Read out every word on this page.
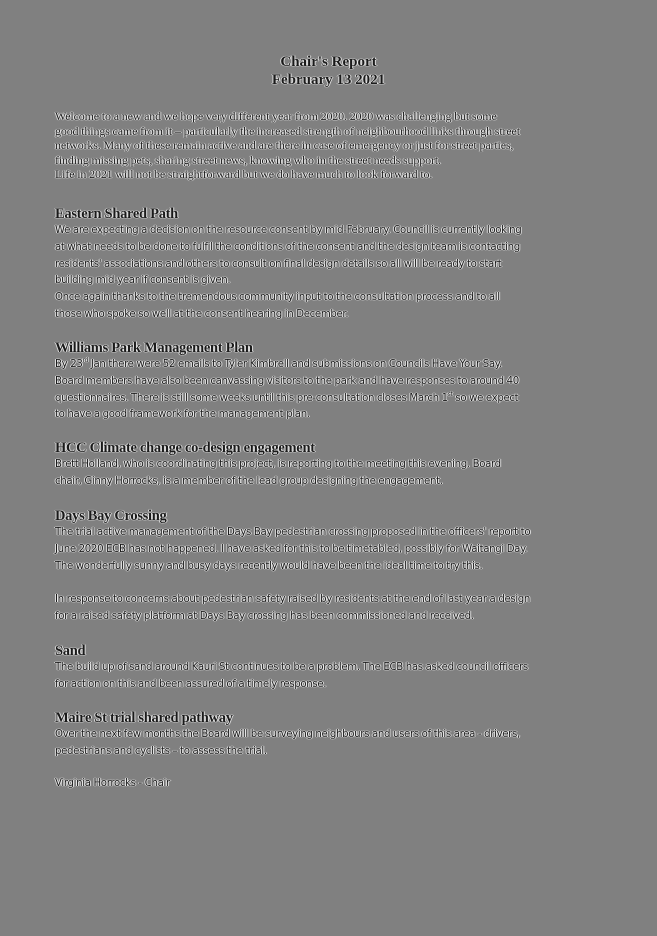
Chair's Report
February 13 2021

Welcome to a new and we hope very different year from 2020. 2020 was challenging but some

good things came from it – particularly the increased strength of neighbourhood links through street

networks. Many of these remain active and are there in case of emergency or just for street parties,

finding missing pets, sharing street news, knowing who in the street needs support.

Life in 2021 will not be straightforward but we do have much to look forward to.

Eastern Shared Path

We are expecting a decision on the resource consent by mid-February. Council is currently looking

at what needs to be done to fulfil the conditions of the consent and the design team is contacting

residents' associations and others to consult on final design details so all will be ready to start

building mid-year if consent is given.

Once again thanks to the tremendous community input to the consultation process and to all

those who spoke so well at the consent hearing in December.

Williams Park Management Plan

By 23rd Jan there were 52 emails to Tyler Kimbrell and submissions on Councils Have Your Say.

Board members have also been canvassing visitors to the park and have responses to around 40

questionnaires. There is still some weeks until this pre-consultation closes March 1st so we expect

to have a good framework for the management plan.

HCC Climate change co-design engagement

Brett Holland, who is coordinating this project, is reporting to the meeting this evening. Board

chair, Ginny Horrocks, is a member of the lead group designing the engagement.

Days Bay Crossing

The trial active management of the Days Bay pedestrian crossing proposed in the officers' report to

June 2020 ECB has not happened. I have asked for this to be timetabled, possibly for Waitangi Day.

The wonderfully sunny and busy days recently would have been the ideal time to try this.

In response to concerns about pedestrian safety raised by residents at the end of last year a design

for a raised safety platform at Days Bay crossing has been commissioned and received.

Sand

The build up of sand around Kauri St continues to be a problem. The ECB has asked council officers

for action on this and been assured of a timely response.

Maire St trial shared pathway

Over the next few months the Board will be surveying neighbours and users of this area - drivers,

pedestrians and cyclists – to assess the trial.

Virginia Horrocks - Chair
